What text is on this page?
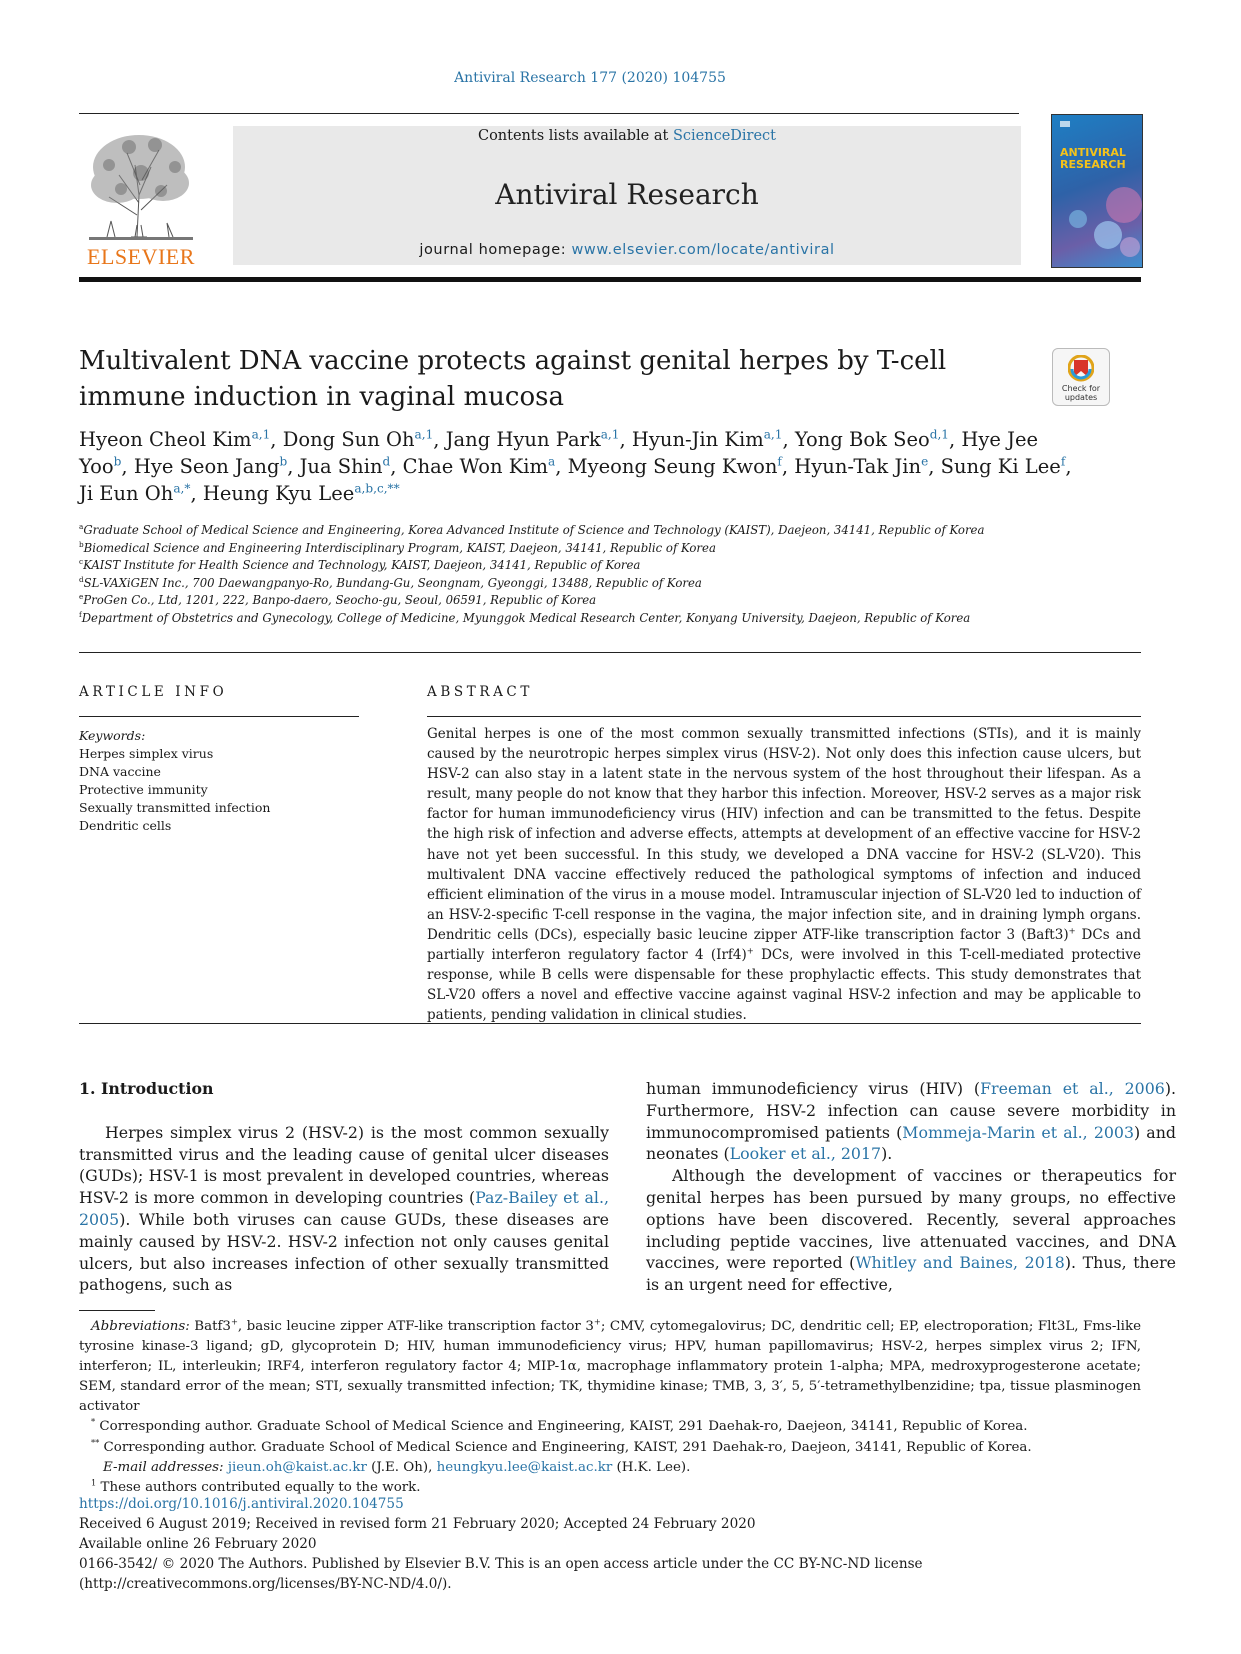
Antiviral Research 177 (2020) 104755
ELSEVIER
Contents lists available at ScienceDirect
Antiviral Research
journal homepage: www.elsevier.com/locate/antiviral
ANTIVIRAL
RESEARCH
Multivalent DNA vaccine protects against genital herpes by T-cell immune induction in vaginal mucosa	Check for updates
Hyeon Cheol Kim$^{a,1}$, Dong Sun Oh$^{a,1}$, Jang Hyun Park$^{a,1}$, Hyun-Jin Kim$^{a,1}$, Yong Bok Seo$^{d,1}$, Hye Jee Yoo$^b$, Hye Seon Jang$^b$, Jua Shin$^d$, Chae Won Kim$^a$, Myeong Seung Kwon$^f$, Hyun-Tak Jin$^e$, Sung Ki Lee$^f$, Ji Eun $Oh^{a,*}$, Heung Kyu Lee$^{a,b,c,**}$
$^a$Graduate School of Medical Science and Engineering, Korea Advanced Institute of Science and Technology (KAIST), Daejeon, 34141, Republic of Korea
$^b$Biomedical Science and Engineering Interdisciplinary Program, KAIST, Daejeon, 34141, Republic of Korea
$^c$KAIST Institute for Health Science and Technology, KAIST, Daejeon, 34141, Republic of Korea
$^d$SL-VAXiGEN Inc., 700 Daewangpanyo-Ro, Bundang-Gu, Seongnam, Gyeonggi, 13488, Republic of Korea
$^e$ProGen Co., Ltd, 1201, 222, Banpo-daero, Seocho-gu, Seoul, 06591, Republic of Korea
$^f$Department of Obstetrics and Gynecology, College of Medicine, Myunggok Medical Research Center, Konyang University, Daejeon, Republic of Korea
ARTICLE INFO	ABSTRACT
Keywords:
Herpes simplex virus
DNA vaccine
Protective immunity
Sexually transmitted infection
Dendritic cells
Genital herpes is one of the most common sexually transmitted infections (STIs), and it is mainly caused by the neurotropic herpes simplex virus (HSV-2). Not only does this infection cause ulcers, but HSV-2 can also stay in a latent state in the nervous system of the host throughout their lifespan. As a result, many people do not know that they harbor this infection. Moreover, HSV-2 serves as a major risk factor for human immunodeficiency virus (HIV) infection and can be transmitted to the fetus. Despite the high risk of infection and adverse effects, attempts at development of an effective vaccine for HSV-2 have not yet been successful. In this study, we developed a DNA vaccine for HSV-2 (SL-V20). This multivalent DNA vaccine effectively reduced the pathological symptoms of infection and induced efficient elimination of the virus in a mouse model. Intramuscular injection of SL-V20 led to induction of an HSV-2-specific T-cell response in the vagina, the major infection site, and in draining lymph organs. Dendritic cells (DCs), especially basic leucine zipper ATF-like transcription factor 3 (Baft3)+ DCs and partially interferon regulatory factor 4 (Irf4)+ DCs, were involved in this T-cell-mediated protective response, while B cells were dispensable for these prophylactic effects. This study demonstrates that SL-V20 offers a novel and effective vaccine against vaginal HSV-2 infection and may be applicable to patients, pending validation in clinical studies.

1. Introduction

Herpes simplex virus 2 (HSV-2) is the most common sexually transmitted virus and the leading cause of genital ulcer diseases (GUDs); HSV-1 is most prevalent in developed countries, whereas HSV-2 is more common in developing countries (Paz-Bailey et al., 2005). While both viruses can cause GUDs, these diseases are mainly caused by HSV-2. HSV-2 infection not only causes genital ulcers, but also increases infection of other sexually transmitted pathogens, such as

human immunodeficiency virus (HIV) (Freeman et al., 2006). Furthermore, HSV-2 infection can cause severe morbidity in immunocompromised patients (Mommeja-Marin et al., 2003) and neonates (Looker et al., 2017).

Although the development of vaccines or therapeutics for genital herpes has been pursued by many groups, no effective options have been discovered. Recently, several approaches including peptide vaccines, live attenuated vaccines, and DNA vaccines, were reported (Whitley and Baines, 2018). Thus, there is an urgent need for effective,

Abbreviations: Batf3+, basic leucine zipper ATF-like transcription factor 3+; CMV, cytomegalovirus; DC, dendritic cell; EP, electroporation; Flt3L, Fms-like tyrosine kinase-3 ligand; gD, glycoprotein D; HIV, human immunodeficiency virus; HPV, human papillomavirus; HSV-2, herpes simplex virus 2; IFN, interferon; IL, interleukin; IRF4, interferon regulatory factor 4; MIP-1α, macrophage inflammatory protein 1-alpha; MPA, medroxyprogesterone acetate; SEM, standard error of the mean; STI, sexually transmitted infection; TK, thymidine kinase; TMB, 3, 3′, 5, 5′-tetramethylbenzidine; tpa, tissue plasminogen activator

* Corresponding author. Graduate School of Medical Science and Engineering, KAIST, 291 Daehak-ro, Daejeon, 34141, Republic of Korea.

** Corresponding author. Graduate School of Medical Science and Engineering, KAIST, 291 Daehak-ro, Daejeon, 34141, Republic of Korea.

E-mail addresses: jieun.oh@kaist.ac.kr (J.E. Oh), heungkyu.lee@kaist.ac.kr (H.K. Lee).

$^1$ These authors contributed equally to the work.

https://doi.org/10.1016/j.antiviral.2020.104755

Received 6 August 2019; Received in revised form 21 February 2020; Accepted 24 February 2020

Available online 26 February 2020

0166-3542/ © 2020 The Authors. Published by Elsevier B.V. This is an open access article under the CC BY-NC-ND license

(http://creativecommons.org/licenses/BY-NC-ND/4.0/).
